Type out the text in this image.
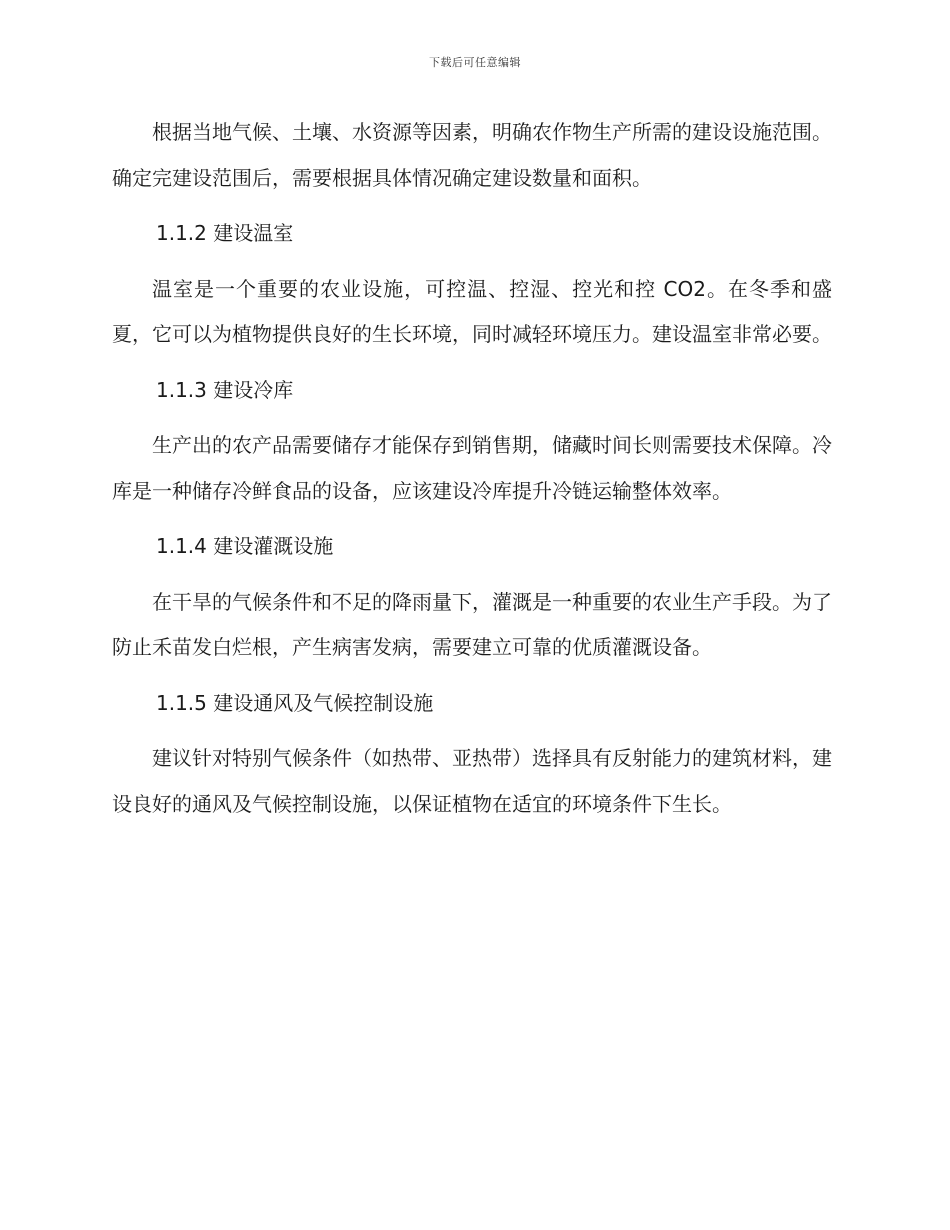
下载后可任意编辑

根据当地气候、土壤、水资源等因素，明确农作物生产所需的建设设施范围。确定完建设范围后，需要根据具体情况确定建设数量和面积。

1.1.2 建设温室

温室是一个重要的农业设施，可控温、控湿、控光和控 CO2。在冬季和盛夏，它可以为植物提供良好的生长环境，同时减轻环境压力。建设温室非常必要。

1.1.3 建设冷库

生产出的农产品需要储存才能保存到销售期，储藏时间长则需要技术保障。冷库是一种储存冷鲜食品的设备，应该建设冷库提升冷链运输整体效率。

1.1.4 建设灌溉设施

在干旱的气候条件和不足的降雨量下，灌溉是一种重要的农业生产手段。为了防止禾苗发白烂根，产生病害发病，需要建立可靠的优质灌溉设备。

1.1.5 建设通风及气候控制设施

建议针对特别气候条件（如热带、亚热带）选择具有反射能力的建筑材料，建设良好的通风及气候控制设施，以保证植物在适宜的环境条件下生长。
